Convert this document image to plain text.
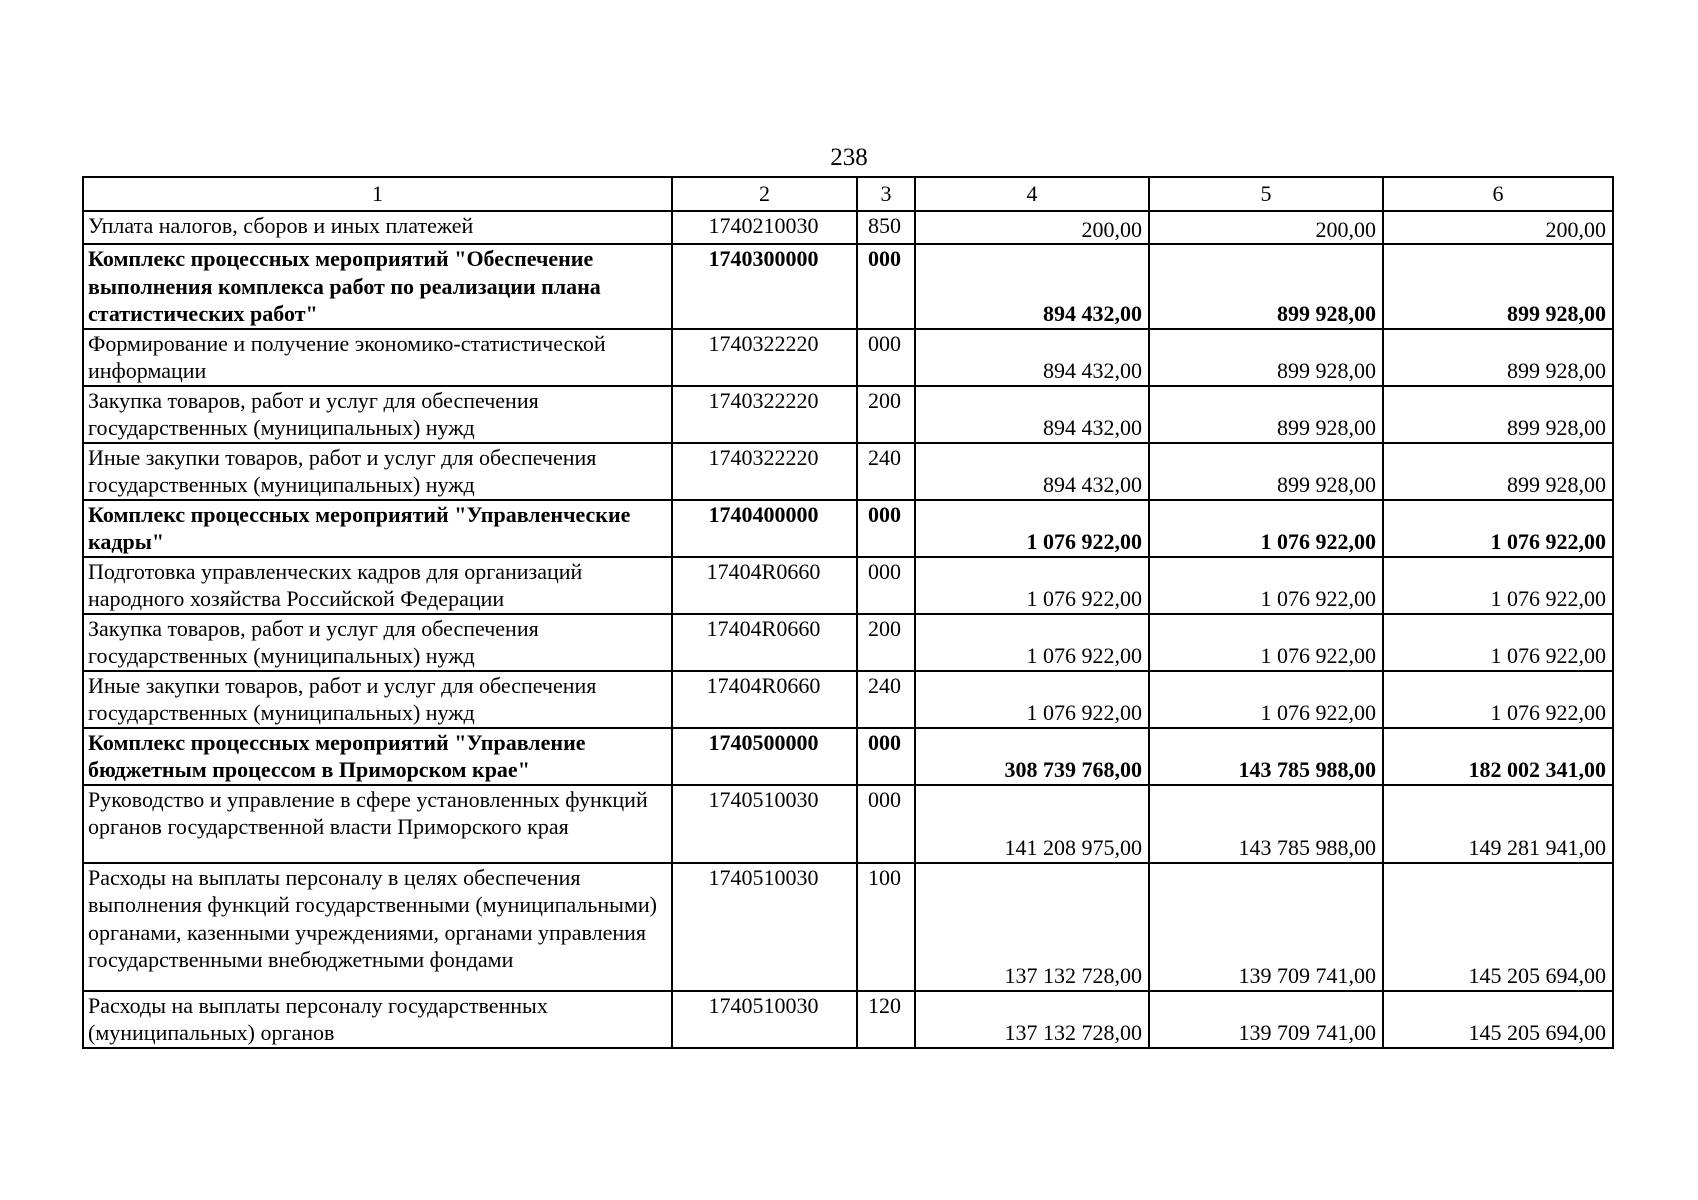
238
1	2	3	4	5	6
Уплата налогов, сборов и иных платежей	1740210030	850	200,00	200,00	200,00
Комплекс процессных мероприятий "Обеспечение выполнения комплекса работ по реализации плана статистических работ"	1740300000	000	894 432,00	899 928,00	899 928,00
Формирование и получение экономико-статистической информации	1740322220	000	894 432,00	899 928,00	899 928,00
Закупка товаров, работ и услуг для обеспечения государственных (муниципальных) нужд	1740322220	200	894 432,00	899 928,00	899 928,00
Иные закупки товаров, работ и услуг для обеспечения государственных (муниципальных) нужд	1740322220	240	894 432,00	899 928,00	899 928,00
Комплекс процессных мероприятий "Управленческие кадры"	1740400000	000	1 076 922,00	1 076 922,00	1 076 922,00
Подготовка управленческих кадров для организаций народного хозяйства Российской Федерации	17404R0660	000	1 076 922,00	1 076 922,00	1 076 922,00
Закупка товаров, работ и услуг для обеспечения государственных (муниципальных) нужд	17404R0660	200	1 076 922,00	1 076 922,00	1 076 922,00
Иные закупки товаров, работ и услуг для обеспечения государственных (муниципальных) нужд	17404R0660	240	1 076 922,00	1 076 922,00	1 076 922,00
Комплекс процессных мероприятий "Управление бюджетным процессом в Приморском крае"	1740500000	000	308 739 768,00	143 785 988,00	182 002 341,00
Руководство и управление в сфере установленных функций органов государственной власти Приморского края	1740510030	000	141 208 975,00	143 785 988,00	149 281 941,00
Расходы на выплаты персоналу в целях обеспечения выполнения функций государственными (муниципальными) органами, казенными учреждениями, органами управления государственными внебюджетными фондами	1740510030	100	137 132 728,00	139 709 741,00	145 205 694,00
Расходы на выплаты персоналу государственных (муниципальных) органов	1740510030	120	137 132 728,00	139 709 741,00	145 205 694,00
